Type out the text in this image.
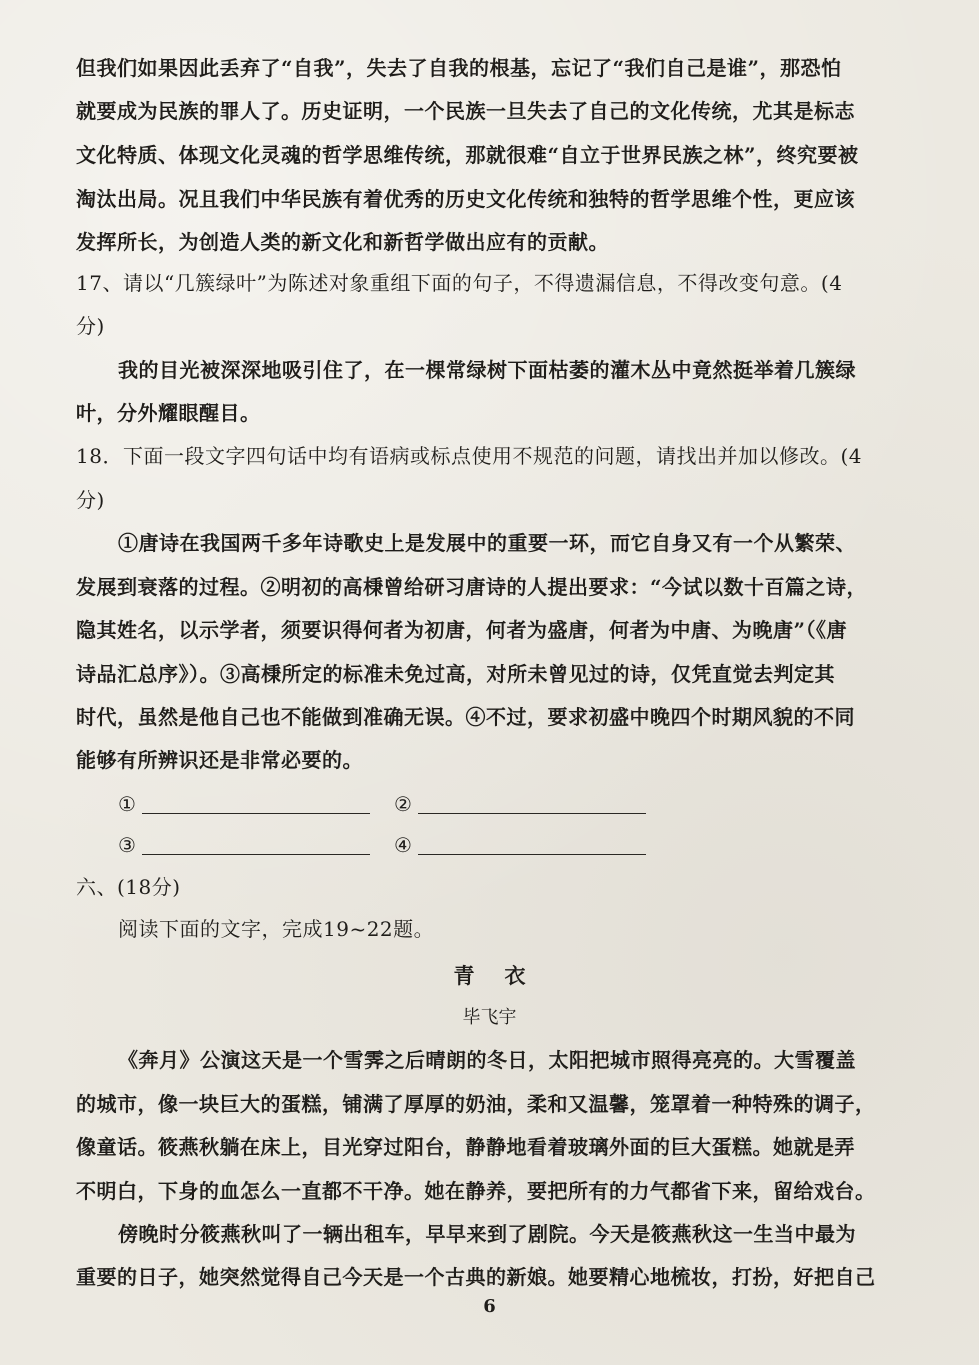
但我们如果因此丢弃了“自我”，失去了自我的根基，忘记了“我们自己是谁”，那恐怕
就要成为民族的罪人了。历史证明，一个民族一旦失去了自己的文化传统，尤其是标志
文化特质、体现文化灵魂的哲学思维传统，那就很难“自立于世界民族之林”，终究要被
淘汰出局。况且我们中华民族有着优秀的历史文化传统和独特的哲学思维个性，更应该
发挥所长，为创造人类的新文化和新哲学做出应有的贡献。
17、请以“几簇绿叶”为陈述对象重组下面的句子，不得遗漏信息，不得改变句意。(4
分)
我的目光被深深地吸引住了，在一棵常绿树下面枯萎的灌木丛中竟然挺举着几簇绿
叶，分外耀眼醒目。
18．下面一段文字四句话中均有语病或标点使用不规范的问题，请找出并加以修改。(4
分)
①唐诗在我国两千多年诗歌史上是发展中的重要一环，而它自身又有一个从繁荣、
发展到衰落的过程。②明初的高棅曾给研习唐诗的人提出要求：“今试以数十百篇之诗，
隐其姓名，以示学者，须要识得何者为初唐，何者为盛唐，何者为中唐、为晚唐”（《唐
诗品汇总序》）。③高棅所定的标准未免过高，对所未曾见过的诗，仅凭直觉去判定其
时代，虽然是他自己也不能做到准确无误。④不过，要求初盛中晚四个时期风貌的不同
能够有所辨识还是非常必要的。
①	②
③	④
六、(18分)
阅读下面的文字，完成19~22题。
青衣
毕飞宇
《奔月》公演这天是一个雪霁之后晴朗的冬日，太阳把城市照得亮亮的。大雪覆盖
的城市，像一块巨大的蛋糕，铺满了厚厚的奶油，柔和又温馨，笼罩着一种特殊的调子，
像童话。筱燕秋躺在床上，目光穿过阳台，静静地看着玻璃外面的巨大蛋糕。她就是弄
不明白，下身的血怎么一直都不干净。她在静养，要把所有的力气都省下来，留给戏台。
傍晚时分筱燕秋叫了一辆出租车，早早来到了剧院。今天是筱燕秋这一生当中最为
重要的日子，她突然觉得自己今天是一个古典的新娘。她要精心地梳妆，打扮，好把自己
6
